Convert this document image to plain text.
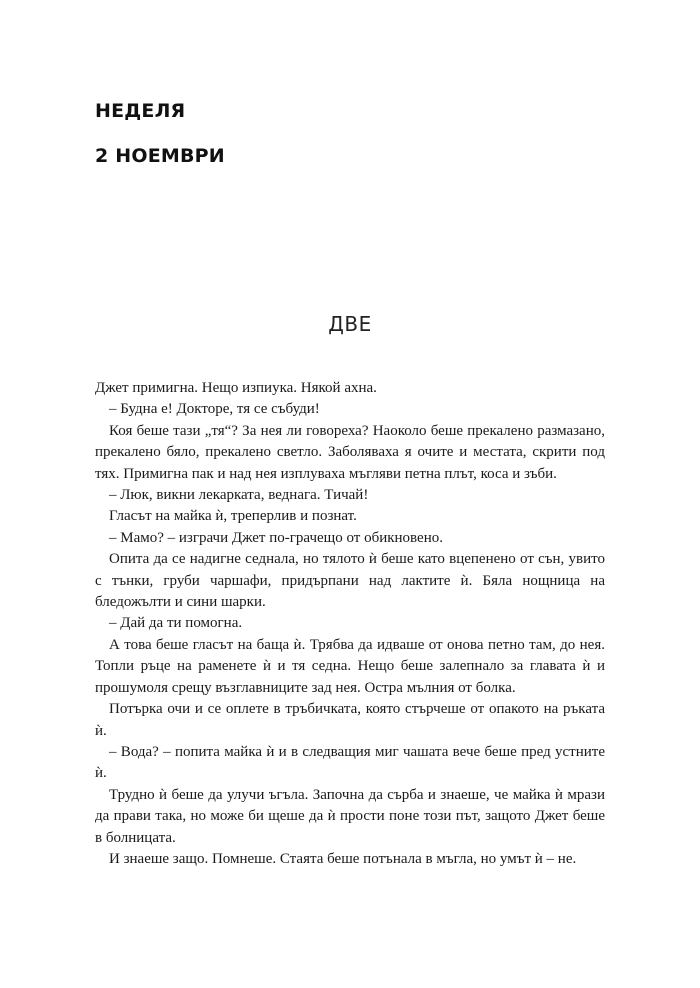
НЕДЕЛЯ
2 НОЕМВРИ
ДВЕ

Джет примигна. Нещо изпиука. Някой ахна.

– Будна е! Докторе, тя се събуди!

Коя беше тази „тя“? За нея ли говореха? Наоколо беше прекалено размазано, прекалено бяло, прекалено светло. Заболяваха я очите и местата, скрити под тях. Примигна пак и над нея изплуваха мъгляви петна плът, коса и зъби.

– Люк, викни лекарката, веднага. Тичай!

Гласът на майка ѝ, треперлив и познат.

– Мамо? – изграчи Джет по-грачещо от обикновено.

Опита да се надигне седнала, но тялото ѝ беше като вцепенено от сън, увито с тънки, груби чаршафи, придърпани над лактите ѝ. Бяла нощница на бледожълти и сини шарки.

– Дай да ти помогна.

А това беше гласът на баща ѝ. Трябва да идваше от онова петно там, до нея. Топли ръце на раменете ѝ и тя седна. Нещо беше залепнало за главата ѝ и прошумоля срещу възглавниците зад нея. Остра мълния от болка.

Потърка очи и се оплете в тръбичката, която стърчеше от опакото на ръката ѝ.

– Вода? – попита майка ѝ и в следващия миг чашата вече беше пред устните ѝ.

Трудно ѝ беше да улучи ъгъла. Започна да сърба и знаеше, че майка ѝ мрази да прави така, но може би щеше да ѝ прости поне този път, защото Джет беше в болницата.

И знаеше защо. Помнеше. Стаята беше потънала в мъгла, но умът ѝ – не.
